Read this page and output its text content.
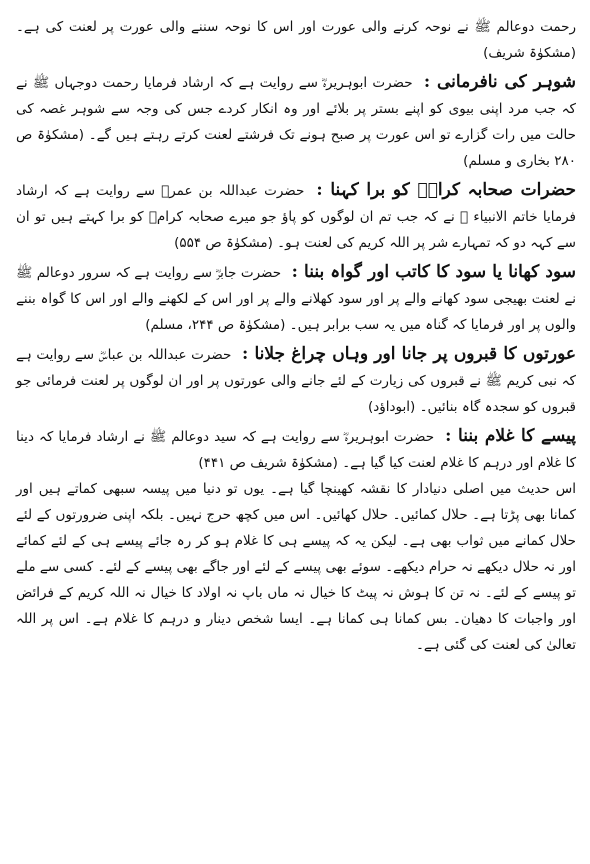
رحمت دوعالم ﷺ نے نوحہ کرنے والی عورت اور اس کا نوحہ سننے والی عورت پر لعنت کی ہے۔ (مشکوٰۃ شریف)

شوہر کی نافرمانی : حضرت ابوہریرہؓ سے روایت ہے کہ ارشاد فرمایا رحمت دوجہاں ﷺ نے کہ جب مرد اپنی بیوی کو اپنے بستر پر بلائے اور وہ انکار کردے جس کی وجہ سے شوہر غصہ کی حالت میں رات گزارے تو اس عورت پر صبح ہونے تک فرشتے لعنت کرتے رہتے ہیں گے۔ (مشکوٰۃ ص ۲۸۰ بخاری و مسلم)

حضرات صحابہ کرامؓ کو برا کہنا : حضرت عبداللہ بن عمرؓ سے روایت ہے کہ ارشاد فرمایا خاتم الانبیاء ﷺ نے کہ جب تم ان لوگوں کو پاؤ جو میرے صحابہ کرامؓ کو برا کہتے ہیں تو ان سے کہہ دو کہ تمہارے شر پر اللہ کریم کی لعنت ہو۔ (مشکوٰۃ ص ۵۵۴)

سود کھانا یا سود کا کاتب اور گواہ بننا : حضرت جابرؓ سے روایت ہے کہ سرور دوعالم ﷺ نے لعنت بھیجی سود کھانے والے پر اور سود کھلانے والے پر اور اس کے لکھنے والے اور اس کا گواہ بننے والوں پر اور فرمایا کہ گناہ میں یہ سب برابر ہیں۔ (مشکوٰۃ ص ۲۴۴، مسلم)

عورتوں کا قبروں پر جانا اور وہاں چراغ جلانا : حضرت عبداللہ بن عباسؓ سے روایت ہے کہ نبی کریم ﷺ نے قبروں کی زیارت کے لئے جانے والی عورتوں پر اور ان لوگوں پر لعنت فرمائی جو قبروں کو سجدہ گاہ بنائیں۔ (ابوداؤد)

پیسے کا غلام بننا : حضرت ابوہریرہؓ سے روایت ہے کہ سید دوعالم ﷺ نے ارشاد فرمایا کہ دینا کا غلام اور درہم کا غلام لعنت کیا گیا ہے۔ (مشکوٰۃ شریف ص ۴۴۱)

اس حدیث میں اصلی دنیادار کا نقشہ کھینچا گیا ہے۔ یوں تو دنیا میں پیسہ سبھی کماتے ہیں اور کمانا بھی پڑتا ہے۔ حلال کمائیں۔ حلال کھائیں۔ اس میں کچھ حرج نہیں۔ بلکہ اپنی ضرورتوں کے لئے حلال کمانے میں ثواب بھی ہے۔ لیکن یہ کہ پیسے ہی کا غلام ہو کر رہ جائے پیسے ہی کے لئے کمائے اور نہ حلال دیکھے نہ حرام دیکھے۔ سوئے بھی پیسے کے لئے اور جاگے بھی پیسے کے لئے۔ کسی سے ملے تو پیسے کے لئے۔ نہ تن کا ہوش نہ پیٹ کا خیال نہ ماں باپ نہ اولاد کا خیال نہ اللہ کریم کے فرائض اور واجبات کا دھیان۔ بس کمانا ہی کمانا ہے۔ ایسا شخص دینار و درہم کا غلام ہے۔ اس پر اللہ تعالیٰ کی لعنت کی گئی ہے۔
